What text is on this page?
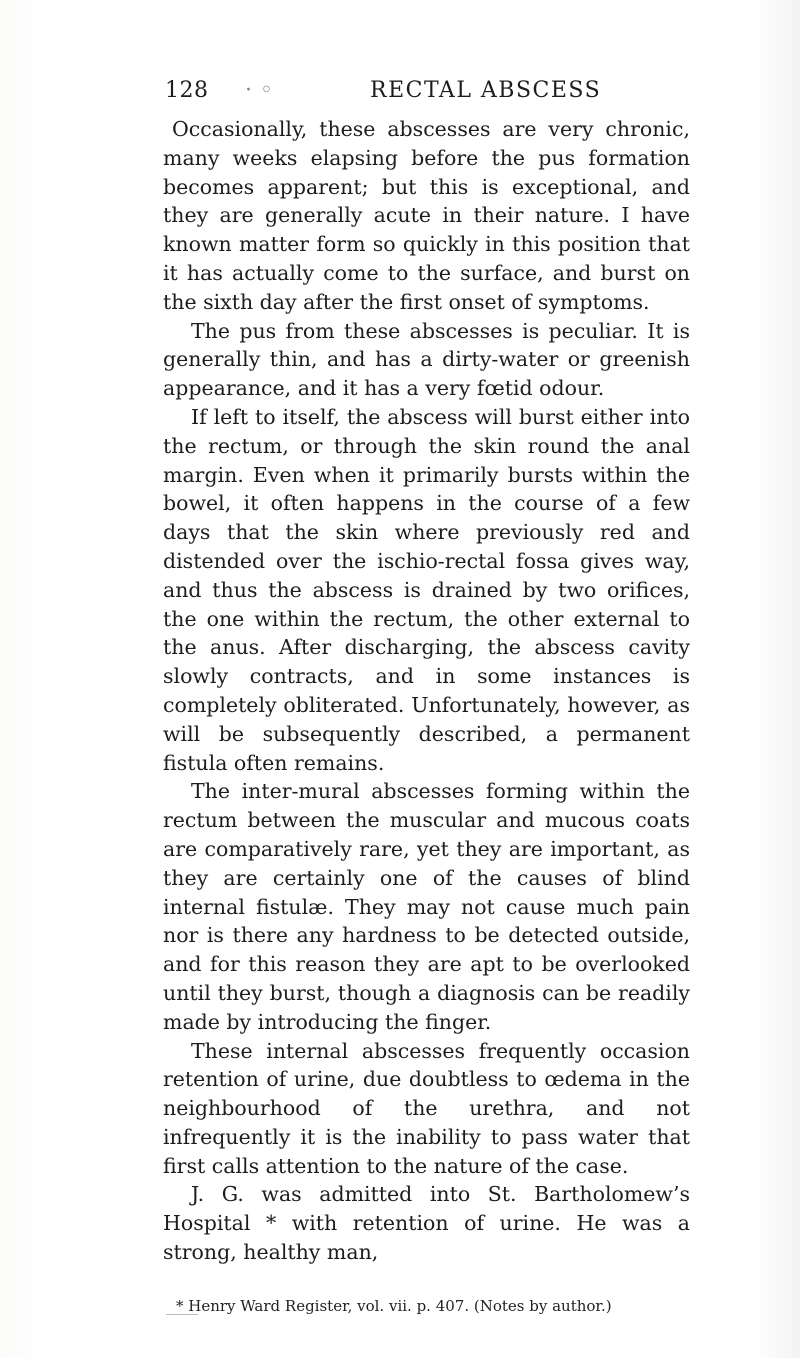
128 · ◦	RECTAL ABSCESS

Occasionally, these abscesses are very chronic, many weeks elapsing before the pus formation becomes apparent; but this is exceptional, and they are generally acute in their nature. I have known matter form so quickly in this position that it has actually come to the surface, and burst on the sixth day after the first onset of symptoms.

The pus from these abscesses is peculiar. It is generally thin, and has a dirty-water or greenish appearance, and it has a very fœtid odour.

If left to itself, the abscess will burst either into the rectum, or through the skin round the anal margin. Even when it primarily bursts within the bowel, it often happens in the course of a few days that the skin where previously red and distended over the ischio-rectal fossa gives way, and thus the abscess is drained by two orifices, the one within the rectum, the other external to the anus. After discharging, the abscess cavity slowly contracts, and in some instances is completely obliterated. Unfortunately, however, as will be subsequently described, a permanent fistula often remains.

The inter-mural abscesses forming within the rectum between the muscular and mucous coats are comparatively rare, yet they are important, as they are certainly one of the causes of blind internal fistulæ. They may not cause much pain nor is there any hardness to be detected outside, and for this reason they are apt to be overlooked until they burst, though a diagnosis can be readily made by introducing the finger.

These internal abscesses frequently occasion retention of urine, due doubtless to œdema in the neighbourhood of the urethra, and not infrequently it is the inability to pass water that first calls attention to the nature of the case.

J. G. was admitted into St. Bartholomew’s Hospital * with retention of urine. He was a strong, healthy man,

* Henry Ward Register, vol. vii. p. 407. (Notes by author.)
